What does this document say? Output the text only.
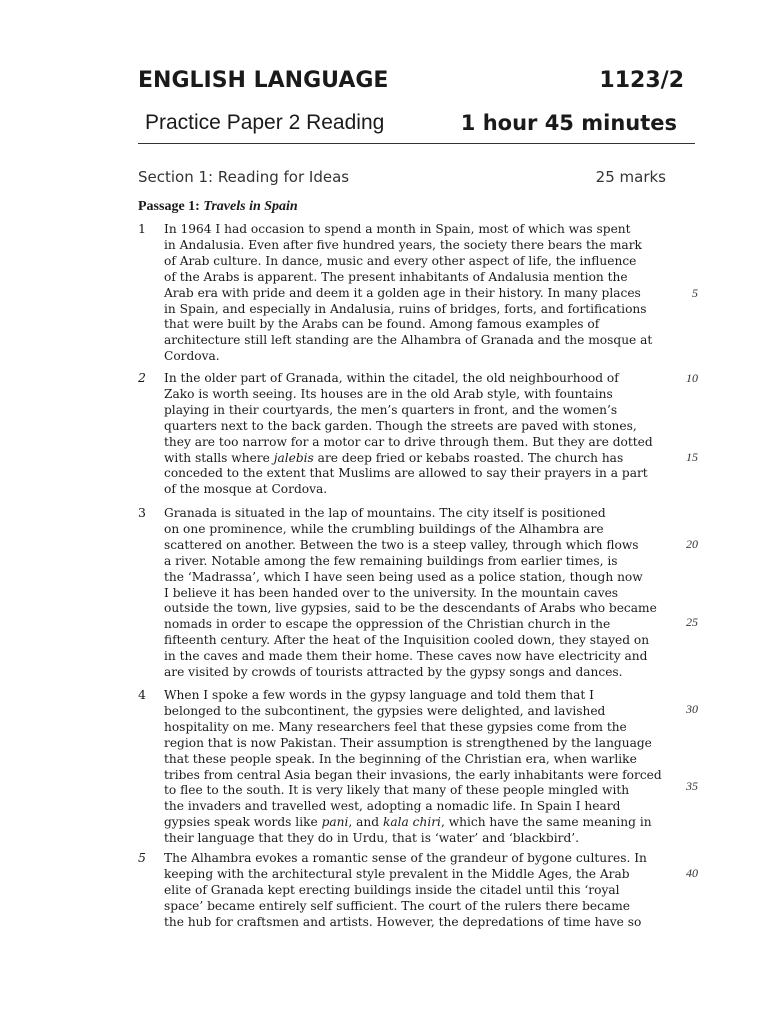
ENGLISH LANGUAGE	1123/2
Practice Paper 2 Reading	1 hour 45 minutes
Section 1: Reading for Ideas	25 marks
Passage 1: Travels in Spain
1 In 1964 I had occasion to spend a month in Spain, most of which was spent
in Andalusia. Even after five hundred years, the society there bears the mark
of Arab culture. In dance, music and every other aspect of life, the influence
of the Arabs is apparent. The present inhabitants of Andalusia mention the
Arab era with pride and deem it a golden age in their history. In many places
in Spain, and especially in Andalusia, ruins of bridges, forts, and fortifications
that were built by the Arabs can be found. Among famous examples of
architecture still left standing are the Alhambra of Granada and the mosque at
Cordova.
2 In the older part of Granada, within the citadel, the old neighbourhood of
Zako is worth seeing. Its houses are in the old Arab style, with fountains
playing in their courtyards, the men’s quarters in front, and the women’s
quarters next to the back garden. Though the streets are paved with stones,
they are too narrow for a motor car to drive through them. But they are dotted
with stalls where jalebis are deep fried or kebabs roasted. The church has
conceded to the extent that Muslims are allowed to say their prayers in a part
of the mosque at Cordova.
3 Granada is situated in the lap of mountains. The city itself is positioned
on one prominence, while the crumbling buildings of the Alhambra are
scattered on another. Between the two is a steep valley, through which flows
a river. Notable among the few remaining buildings from earlier times, is
the ‘Madrassa’, which I have seen being used as a police station, though now
I believe it has been handed over to the university. In the mountain caves
outside the town, live gypsies, said to be the descendants of Arabs who became
nomads in order to escape the oppression of the Christian church in the
fifteenth century. After the heat of the Inquisition cooled down, they stayed on
in the caves and made them their home. These caves now have electricity and
are visited by crowds of tourists attracted by the gypsy songs and dances.
4 When I spoke a few words in the gypsy language and told them that I
belonged to the subcontinent, the gypsies were delighted, and lavished
hospitality on me. Many researchers feel that these gypsies come from the
region that is now Pakistan. Their assumption is strengthened by the language
that these people speak. In the beginning of the Christian era, when warlike
tribes from central Asia began their invasions, the early inhabitants were forced
to flee to the south. It is very likely that many of these people mingled with
the invaders and travelled west, adopting a nomadic life. In Spain I heard
gypsies speak words like pani, and kala chiri, which have the same meaning in
their language that they do in Urdu, that is ‘water’ and ‘blackbird’.
5 The Alhambra evokes a romantic sense of the grandeur of bygone cultures. In
keeping with the architectural style prevalent in the Middle Ages, the Arab
elite of Granada kept erecting buildings inside the citadel until this ‘royal
space’ became entirely self sufficient. The court of the rulers there became
the hub for craftsmen and artists. However, the depredations of time have so
5
10
15
20
25
30
35
40
